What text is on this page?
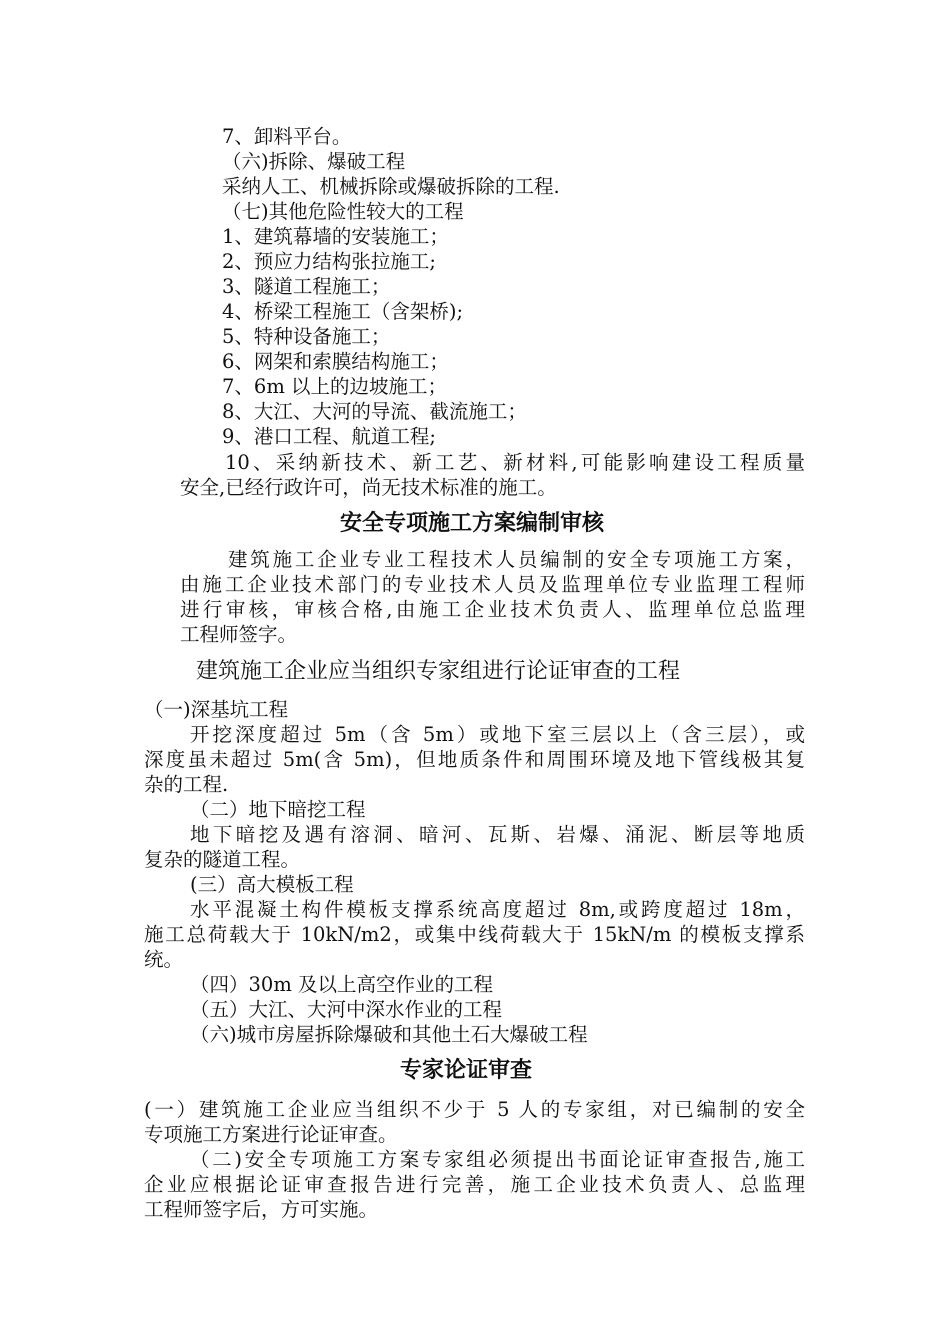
7、卸料平台。
（六)拆除、爆破工程
采纳人工、机械拆除或爆破拆除的工程.
（七)其他危险性较大的工程
1、建筑幕墙的安装施工；
2、预应力结构张拉施工;
3、隧道工程施工；
4、桥梁工程施工（含架桥);
5、特种设备施工；
6、网架和索膜结构施工；
7、6m 以上的边坡施工；
8、大江、大河的导流、截流施工；
9、港口工程、航道工程;
10、采纳新技术、新工艺、新材料,可能影响建设工程质量
安全,已经行政许可，尚无技术标准的施工。
安全专项施工方案编制审核
建筑施工企业专业工程技术人员编制的安全专项施工方案，
由施工企业技术部门的专业技术人员及监理单位专业监理工程师
进行审核，审核合格,由施工企业技术负责人、监理单位总监理
工程师签字。
建筑施工企业应当组织专家组进行论证审查的工程
（一)深基坑工程
开挖深度超过 5m（含 5m）或地下室三层以上（含三层），或
深度虽未超过 5m(含 5m)，但地质条件和周围环境及地下管线极其复
杂的工程.
（二）地下暗挖工程
地下暗挖及遇有溶洞、暗河、瓦斯、岩爆、涌泥、断层等地质
复杂的隧道工程。
(三）高大模板工程
水平混凝土构件模板支撑系统高度超过 8m,或跨度超过 18m，
施工总荷载大于 10kN/m2，或集中线荷载大于 15kN/m 的模板支撑系
统。
（四）30m 及以上高空作业的工程
（五）大江、大河中深水作业的工程
（六)城市房屋拆除爆破和其他土石大爆破工程
专家论证审查
(一）建筑施工企业应当组织不少于 5 人的专家组，对已编制的安全
专项施工方案进行论证审查。
（二)安全专项施工方案专家组必须提出书面论证审查报告,施工
企业应根据论证审查报告进行完善，施工企业技术负责人、总监理
工程师签字后，方可实施。
